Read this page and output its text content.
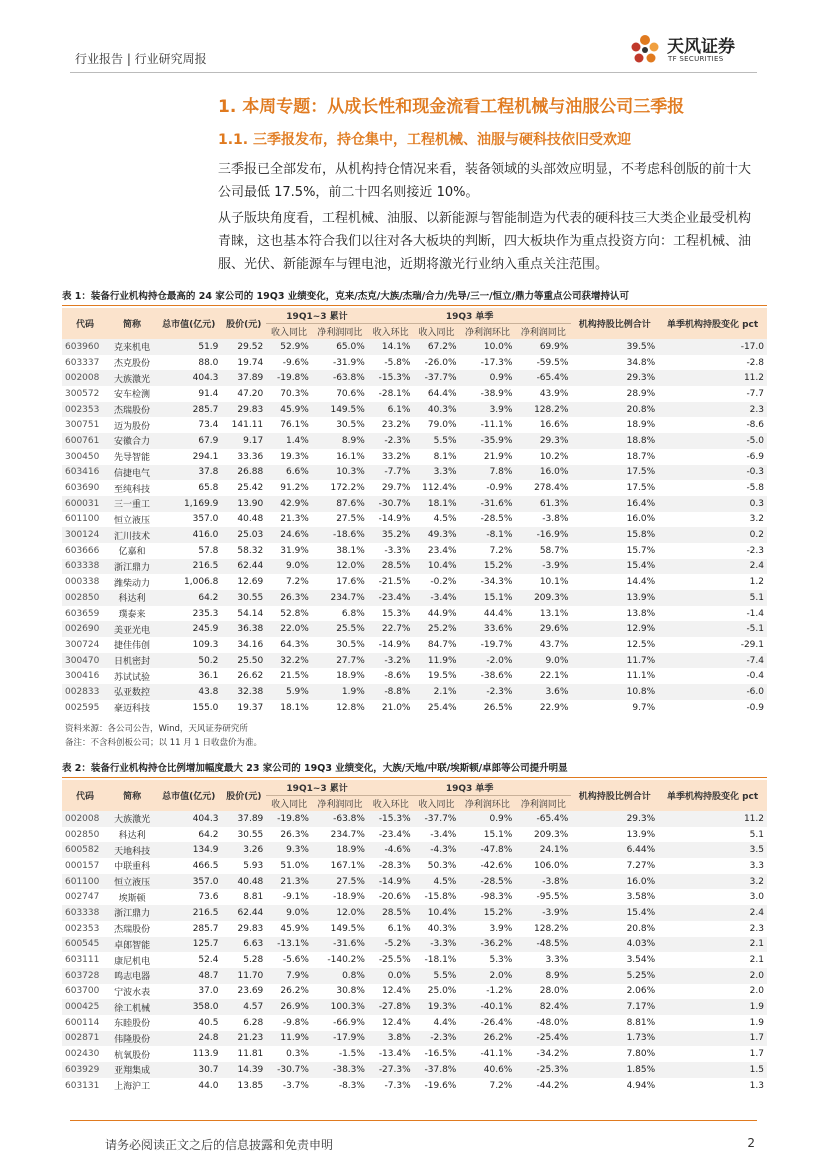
行业报告 | 行业研究周报
天风证券
TF SECURITIES
1. 本周专题：从成长性和现金流看工程机械与油服公司三季报
1.1. 三季报发布，持仓集中，工程机械、油服与硬科技依旧受欢迎
三季报已全部发布，从机构持仓情况来看，装备领域的头部效应明显，不考虑科创版的前十大公司最低 17.5%，前二十四名则接近 10%。
从子版块角度看，工程机械、油服、以新能源与智能制造为代表的硬科技三大类企业最受机构青睐，这也基本符合我们以往对各大板块的判断，四大板块作为重点投资方向：工程机械、油服、光伏、新能源车与锂电池，近期将激光行业纳入重点关注范围。
表 1：装备行业机构持仓最高的 24 家公司的 19Q3 业绩变化，克来/杰克/大族/杰瑞/合力/先导/三一/恒立/鼎力等重点公司获增持认可
代码	简称	总市值(亿元)	股价(元)	19Q1~3 累计		19Q3 单季				机构持股比例合计	单季机构持股变化 pct
				收入同比	净利润同比	收入环比	收入同比	净利润环比	净利润同比		
603960	克来机电	51.9	29.52	52.9%	65.0%	14.1%	67.2%	10.0%	69.9%	39.5%	-17.0
603337	杰克股份	88.0	19.74	-9.6%	-31.9%	-5.8%	-26.0%	-17.3%	-59.5%	34.8%	-2.8
002008	大族激光	404.3	37.89	-19.8%	-63.8%	-15.3%	-37.7%	0.9%	-65.4%	29.3%	11.2
300572	安车检测	91.4	47.20	70.3%	70.6%	-28.1%	64.4%	-38.9%	43.9%	28.9%	-7.7
002353	杰瑞股份	285.7	29.83	45.9%	149.5%	6.1%	40.3%	3.9%	128.2%	20.8%	2.3
300751	迈为股份	73.4	141.11	76.1%	30.5%	23.2%	79.0%	-11.1%	16.6%	18.9%	-8.6
600761	安徽合力	67.9	9.17	1.4%	8.9%	-2.3%	5.5%	-35.9%	29.3%	18.8%	-5.0
300450	先导智能	294.1	33.36	19.3%	16.1%	33.2%	8.1%	21.9%	10.2%	18.7%	-6.9
603416	信捷电气	37.8	26.88	6.6%	10.3%	-7.7%	3.3%	7.8%	16.0%	17.5%	-0.3
603690	至纯科技	65.8	25.42	91.2%	172.2%	29.7%	112.4%	-0.9%	278.4%	17.5%	-5.8
600031	三一重工	1,169.9	13.90	42.9%	87.6%	-30.7%	18.1%	-31.6%	61.3%	16.4%	0.3
601100	恒立液压	357.0	40.48	21.3%	27.5%	-14.9%	4.5%	-28.5%	-3.8%	16.0%	3.2
300124	汇川技术	416.0	25.03	24.6%	-18.6%	35.2%	49.3%	-8.1%	-16.9%	15.8%	0.2
603666	亿嘉和	57.8	58.32	31.9%	38.1%	-3.3%	23.4%	7.2%	58.7%	15.7%	-2.3
603338	浙江鼎力	216.5	62.44	9.0%	12.0%	28.5%	10.4%	15.2%	-3.9%	15.4%	2.4
000338	潍柴动力	1,006.8	12.69	7.2%	17.6%	-21.5%	-0.2%	-34.3%	10.1%	14.4%	1.2
002850	科达利	64.2	30.55	26.3%	234.7%	-23.4%	-3.4%	15.1%	209.3%	13.9%	5.1
603659	璞泰来	235.3	54.14	52.8%	6.8%	15.3%	44.9%	44.4%	13.1%	13.8%	-1.4
002690	美亚光电	245.9	36.38	22.0%	25.5%	22.7%	25.2%	33.6%	29.6%	12.9%	-5.1
300724	捷佳伟创	109.3	34.16	64.3%	30.5%	-14.9%	84.7%	-19.7%	43.7%	12.5%	-29.1
300470	日机密封	50.2	25.50	32.2%	27.7%	-3.2%	11.9%	-2.0%	9.0%	11.7%	-7.4
300416	苏试试验	36.1	26.62	21.5%	18.9%	-8.6%	19.5%	-38.6%	22.1%	11.1%	-0.4
002833	弘亚数控	43.8	32.38	5.9%	1.9%	-8.8%	2.1%	-2.3%	3.6%	10.8%	-6.0
002595	豪迈科技	155.0	19.37	18.1%	12.8%	21.0%	25.4%	26.5%	22.9%	9.7%	-0.9
资料来源：各公司公告，Wind，天风证券研究所
备注：不含科创板公司；以 11 月 1 日收盘价为准。
表 2：装备行业机构持仓比例增加幅度最大 23 家公司的 19Q3 业绩变化，大族/天地/中联/埃斯顿/卓郎等公司提升明显
代码	简称	总市值(亿元)	股价(元)	19Q1~3 累计		19Q3 单季				机构持股比例合计	单季机构持股变化 pct
				收入同比	净利润同比	收入环比	收入同比	净利润环比	净利润同比		
002008	大族激光	404.3	37.89	-19.8%	-63.8%	-15.3%	-37.7%	0.9%	-65.4%	29.3%	11.2
002850	科达利	64.2	30.55	26.3%	234.7%	-23.4%	-3.4%	15.1%	209.3%	13.9%	5.1
600582	天地科技	134.9	3.26	9.3%	18.9%	-4.6%	-4.3%	-47.8%	24.1%	6.44%	3.5
000157	中联重科	466.5	5.93	51.0%	167.1%	-28.3%	50.3%	-42.6%	106.0%	7.27%	3.3
601100	恒立液压	357.0	40.48	21.3%	27.5%	-14.9%	4.5%	-28.5%	-3.8%	16.0%	3.2
002747	埃斯顿	73.6	8.81	-9.1%	-18.9%	-20.6%	-15.8%	-98.3%	-95.5%	3.58%	3.0
603338	浙江鼎力	216.5	62.44	9.0%	12.0%	28.5%	10.4%	15.2%	-3.9%	15.4%	2.4
002353	杰瑞股份	285.7	29.83	45.9%	149.5%	6.1%	40.3%	3.9%	128.2%	20.8%	2.3
600545	卓郎智能	125.7	6.63	-13.1%	-31.6%	-5.2%	-3.3%	-36.2%	-48.5%	4.03%	2.1
603111	康尼机电	52.4	5.28	-5.6%	-140.2%	-25.5%	-18.1%	5.3%	3.3%	3.54%	2.1
603728	鸣志电器	48.7	11.70	7.9%	0.8%	0.0%	5.5%	2.0%	8.9%	5.25%	2.0
603700	宁波水表	37.0	23.69	26.2%	30.8%	12.4%	25.0%	-1.2%	28.0%	2.06%	2.0
000425	徐工机械	358.0	4.57	26.9%	100.3%	-27.8%	19.3%	-40.1%	82.4%	7.17%	1.9
600114	东睦股份	40.5	6.28	-9.8%	-66.9%	12.4%	4.4%	-26.4%	-48.0%	8.81%	1.9
002871	伟隆股份	24.8	21.23	11.9%	-17.9%	3.8%	-2.3%	26.2%	-25.4%	1.73%	1.7
002430	杭氧股份	113.9	11.81	0.3%	-1.5%	-13.4%	-16.5%	-41.1%	-34.2%	7.80%	1.7
603929	亚翔集成	30.7	14.39	-30.7%	-38.3%	-27.3%	-37.8%	40.6%	-25.3%	1.85%	1.5
603131	上海沪工	44.0	13.85	-3.7%	-8.3%	-7.3%	-19.6%	7.2%	-44.2%	4.94%	1.3
请务必阅读正文之后的信息披露和免责申明	2
